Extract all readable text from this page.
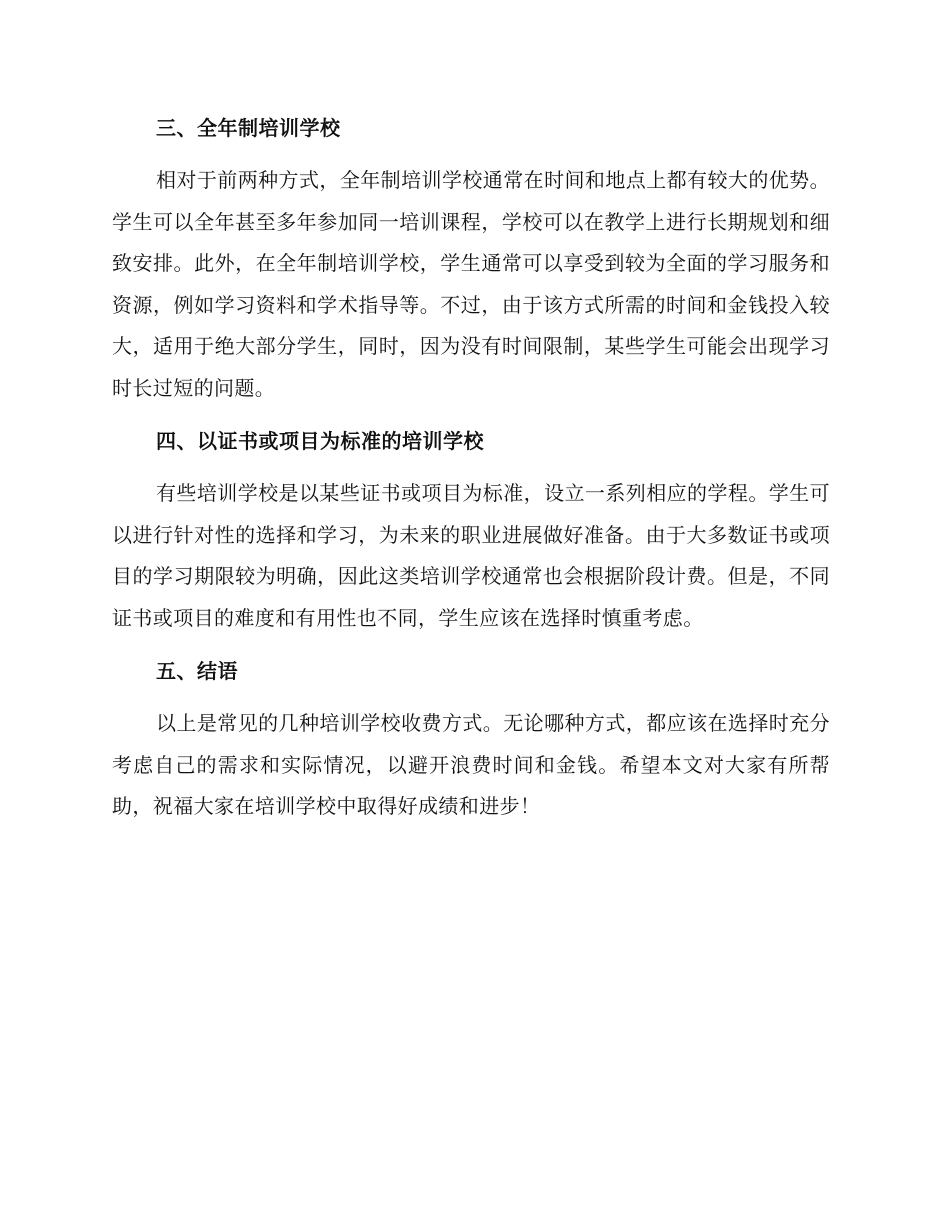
三、全年制培训学校

相对于前两种方式，全年制培训学校通常在时间和地点上都有较大的优势。学生可以全年甚至多年参加同一培训课程，学校可以在教学上进行长期规划和细致安排。此外，在全年制培训学校，学生通常可以享受到较为全面的学习服务和资源，例如学习资料和学术指导等。不过，由于该方式所需的时间和金钱投入较大，适用于绝大部分学生，同时，因为没有时间限制，某些学生可能会出现学习时长过短的问题。

四、以证书或项目为标准的培训学校

有些培训学校是以某些证书或项目为标准，设立一系列相应的学程。学生可以进行针对性的选择和学习，为未来的职业进展做好准备。由于大多数证书或项目的学习期限较为明确，因此这类培训学校通常也会根据阶段计费。但是，不同证书或项目的难度和有用性也不同，学生应该在选择时慎重考虑。

五、结语

以上是常见的几种培训学校收费方式。无论哪种方式，都应该在选择时充分考虑自己的需求和实际情况，以避开浪费时间和金钱。希望本文对大家有所帮助，祝福大家在培训学校中取得好成绩和进步！
